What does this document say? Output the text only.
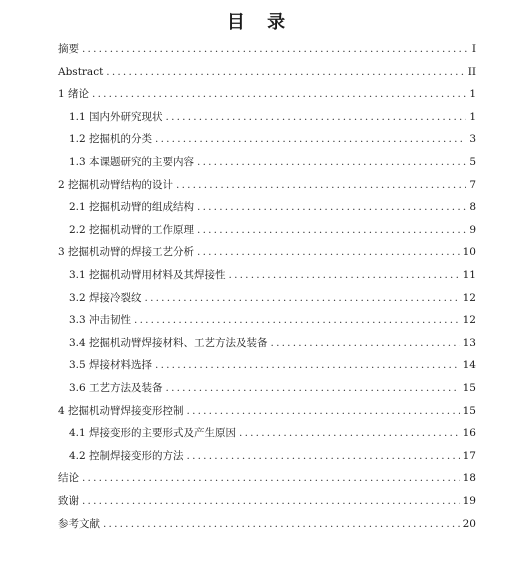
目 录
摘要 .....	I
Abstract .....	II
1 绪论 .....	1
1.1 国内外研究现状 .....	1
1.2 挖掘机的分类 .....	3
1.3 本课题研究的主要内容 .....	5
2 挖掘机动臂结构的设计 .....	7
2.1 挖掘机动臂的组成结构 .....	8
2.2 挖掘机动臂的工作原理 .....	9
3 挖掘机动臂的焊接工艺分析 .....	10
3.1 挖掘机动臂用材料及其焊接性 .....	11
3.2 焊接冷裂纹 .....	12
3.3 冲击韧性 .....	12
3.4 挖掘机动臂焊接材料、工艺方法及装备 .....	13
3.5 焊接材料选择 .....	14
3.6 工艺方法及装备 .....	15
4 挖掘机动臂焊接变形控制 .....	15
4.1 焊接变形的主要形式及产生原因 .....	16
4.2 控制焊接变形的方法 .....	17
结论 .....	18
致谢 .....	19
参考文献 .....	20
